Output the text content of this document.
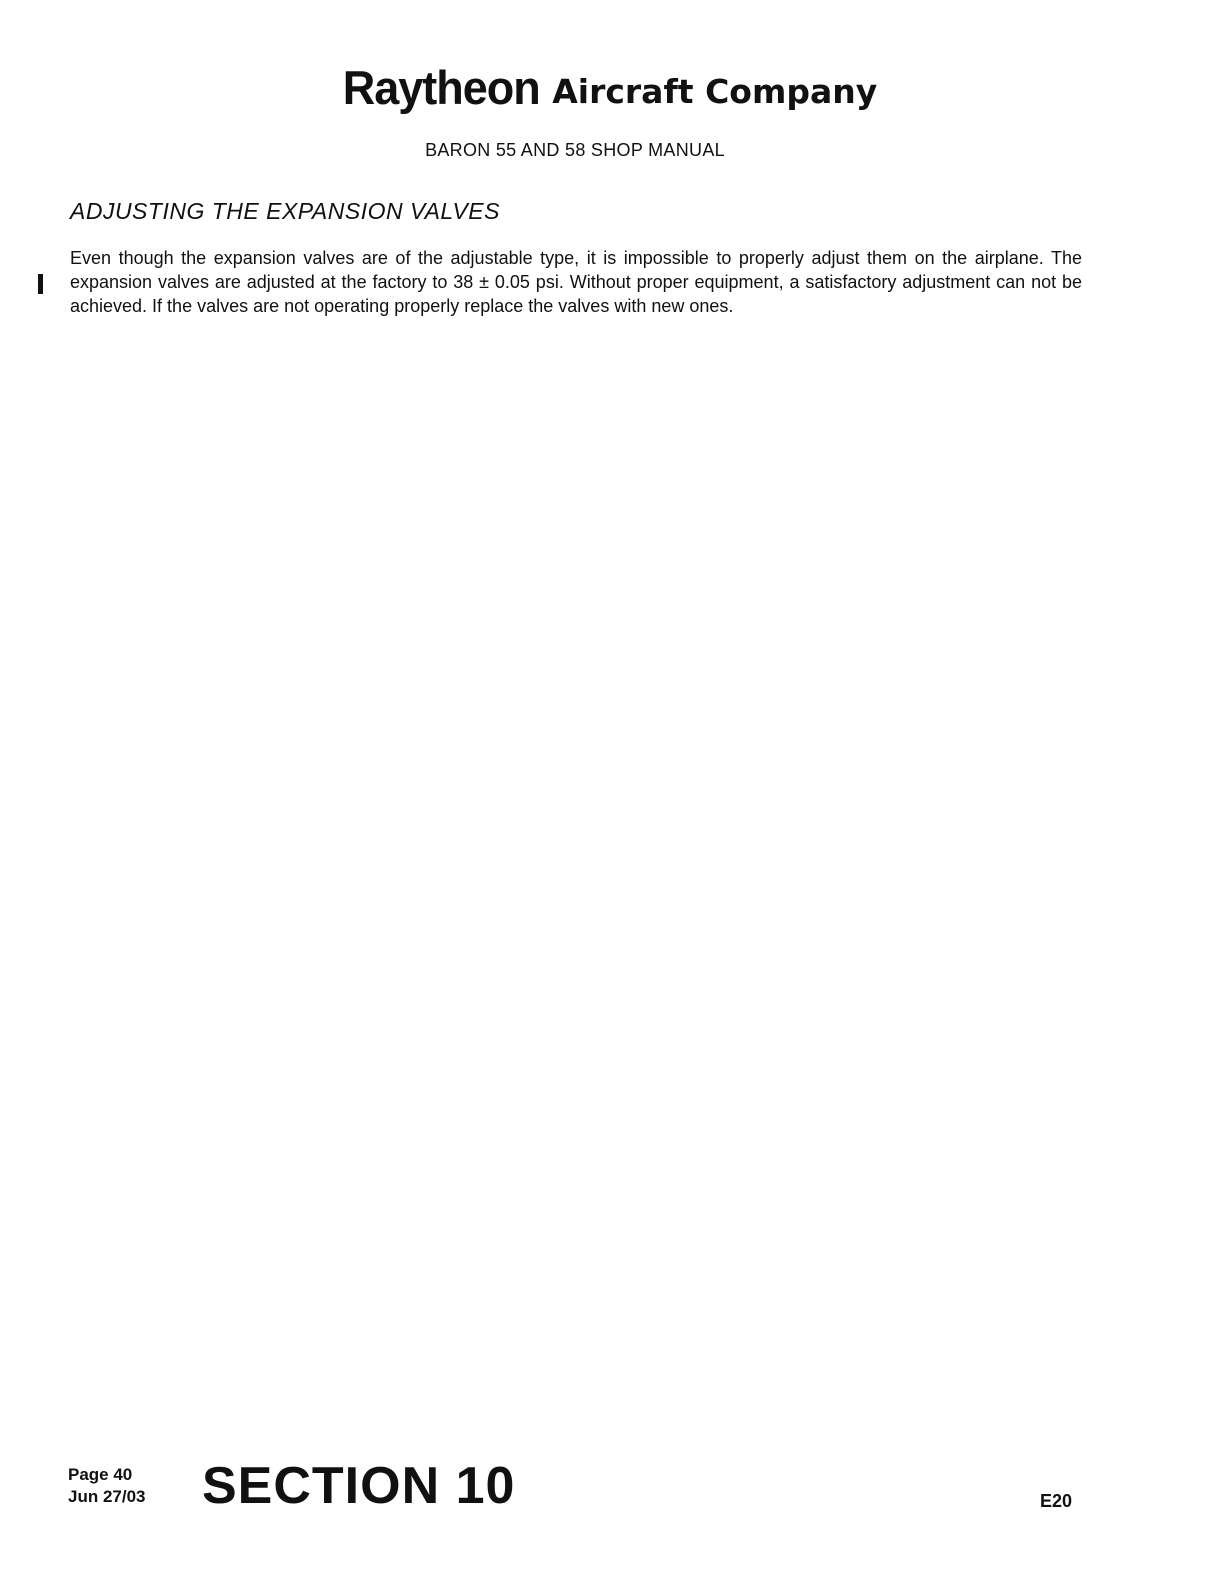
Raytheon Aircraft Company
BARON 55 AND 58 SHOP MANUAL
ADJUSTING THE EXPANSION VALVES
Even though the expansion valves are of the adjustable type, it is impossible to properly adjust them on the airplane. The expansion valves are adjusted at the factory to 38 ± 0.05 psi. Without proper equipment, a satisfactory adjustment can not be achieved. If the valves are not operating properly replace the valves with new ones.
Page 40
Jun 27/03 SECTION 10	E20
